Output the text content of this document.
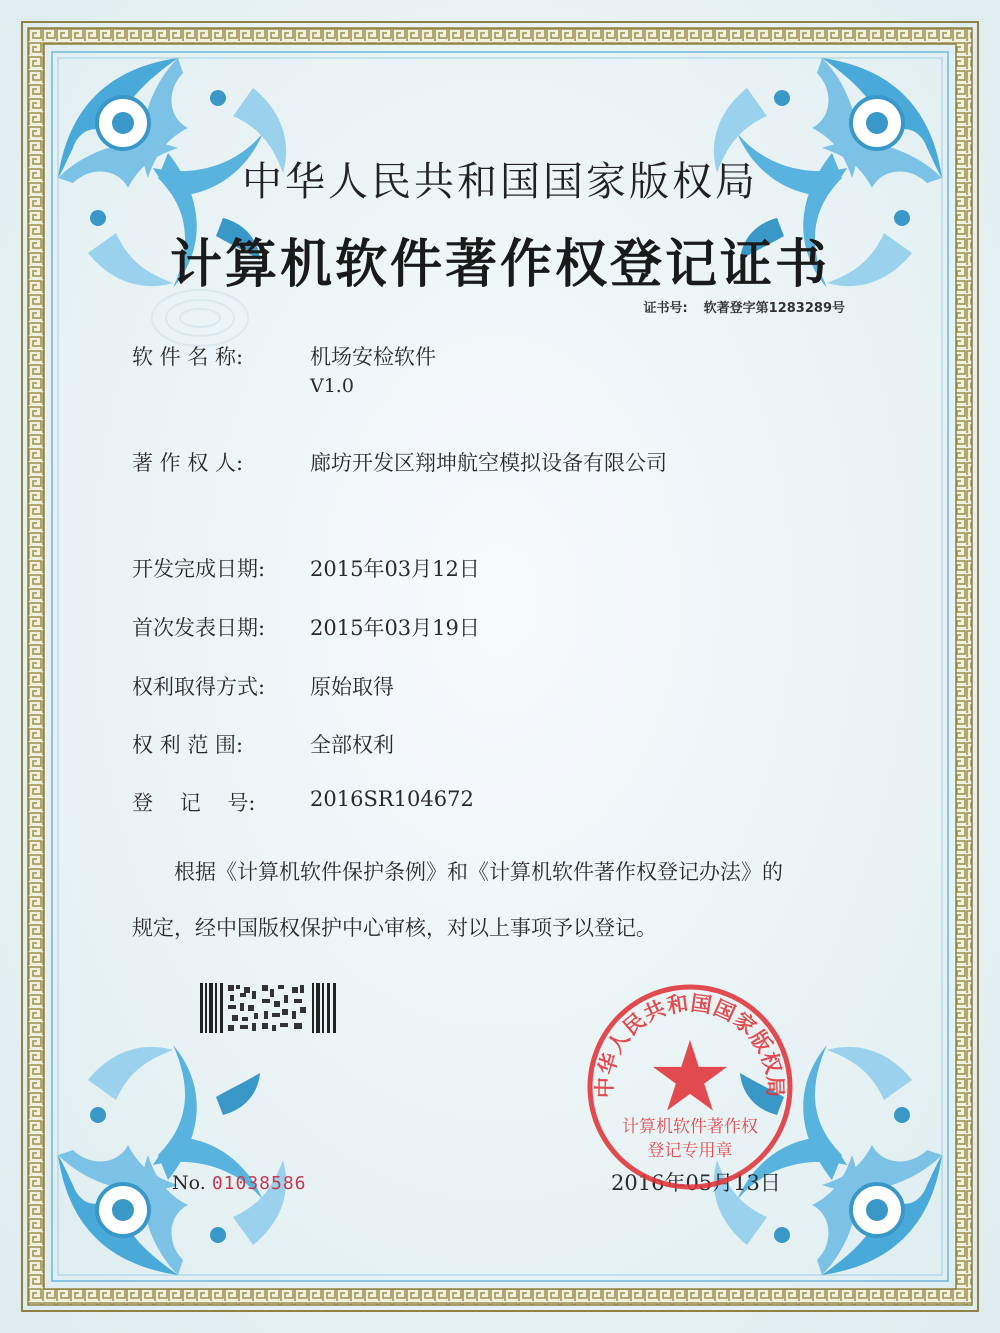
中华人民共和国国家版权局
计算机软件著作权登记证书
证书号: 软著登字第1283289号
软 件 名 称:	机场安检软件
V1.0
著 作 权 人:	廊坊开发区翔坤航空模拟设备有限公司
开发完成日期:	2015年03月12日
首次发表日期:	2015年03月19日
权利取得方式:	原始取得
权 利 范 围:	全部权利
登    记    号:	2016SR104672
根据《计算机软件保护条例》和《计算机软件著作权登记办法》的
规定，经中国版权保护中心审核，对以上事项予以登记。
No. 01038586	2016年05月13日
中华人民共和国国家版权局
计算机软件著作权
登记专用章
